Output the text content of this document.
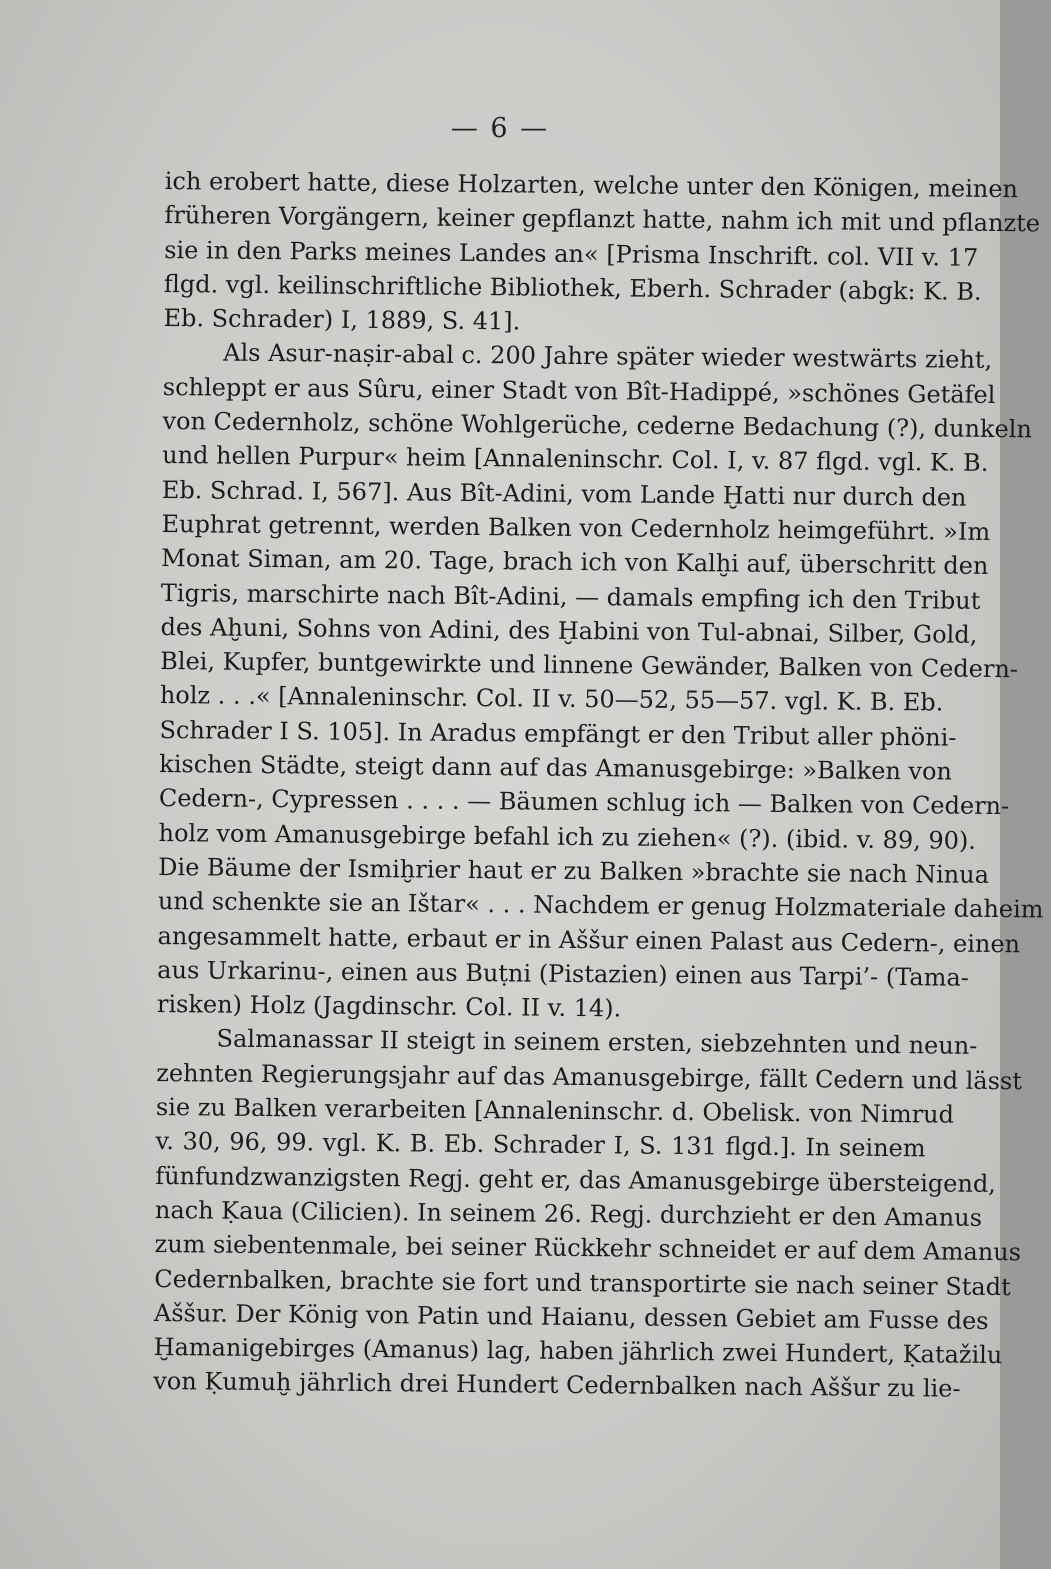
— 6 —
ich erobert hatte, diese Holzarten, welche unter den Königen, meinen
früheren Vorgängern, keiner gepflanzt hatte, nahm ich mit und pflanzte
sie in den Parks meines Landes an« [Prisma Inschrift. col. VII v. 17
flgd. vgl. keilinschriftliche Bibliothek, Eberh. Schrader (abgk: K. B.
Eb. Schrader) I, 1889, S. 41].
Als Asur-naṣir-abal c. 200 Jahre später wieder westwärts zieht,
schleppt er aus Sûru, einer Stadt von Bît-Hadippé, »schönes Getäfel
von Cedernholz, schöne Wohlgerüche, cederne Bedachung (?), dunkeln
und hellen Purpur« heim [Annaleninschr. Col. I, v. 87 flgd. vgl. K. B.
Eb. Schrad. I, 567]. Aus Bît-Adini, vom Lande Ḫatti nur durch den
Euphrat getrennt, werden Balken von Cedernholz heimgeführt. »Im
Monat Siman, am 20. Tage, brach ich von Kalḫi auf, überschritt den
Tigris, marschirte nach Bît-Adini, — damals empfing ich den Tribut
des Aḫuni, Sohns von Adini, des Ḫabini von Tul-abnai, Silber, Gold,
Blei, Kupfer, buntgewirkte und linnene Gewänder, Balken von Cedern-
holz . . .« [Annaleninschr. Col. II v. 50—52, 55—57. vgl. K. B. Eb.
Schrader I S. 105]. In Aradus empfängt er den Tribut aller phöni-
kischen Städte, steigt dann auf das Amanusgebirge: »Balken von
Cedern-, Cypressen . . . . — Bäumen schlug ich — Balken von Cedern-
holz vom Amanusgebirge befahl ich zu ziehen« (?). (ibid. v. 89, 90).
Die Bäume der Ismiḫrier haut er zu Balken »brachte sie nach Ninua
und schenkte sie an Ištar« . . . Nachdem er genug Holzmateriale daheim
angesammelt hatte, erbaut er in Aššur einen Palast aus Cedern-, einen
aus Urkarinu-, einen aus Buṭni (Pistazien) einen aus Tarpi’- (Tama-
risken) Holz (Jagdinschr. Col. II v. 14).
Salmanassar II steigt in seinem ersten, siebzehnten und neun-
zehnten Regierungsjahr auf das Amanusgebirge, fällt Cedern und lässt
sie zu Balken verarbeiten [Annaleninschr. d. Obelisk. von Nimrud
v. 30, 96, 99. vgl. K. B. Eb. Schrader I, S. 131 flgd.]. In seinem
fünfundzwanzigsten Regj. geht er, das Amanusgebirge übersteigend,
nach Ḳaua (Cilicien). In seinem 26. Regj. durchzieht er den Amanus
zum siebentenmale, bei seiner Rückkehr schneidet er auf dem Amanus
Cedernbalken, brachte sie fort und transportirte sie nach seiner Stadt
Aššur. Der König von Patin und Haianu, dessen Gebiet am Fusse des
Ḫamanigebirges (Amanus) lag, haben jährlich zwei Hundert, Ḳatažilu
von Ḳumuḫ jährlich drei Hundert Cedernbalken nach Aššur zu lie-
